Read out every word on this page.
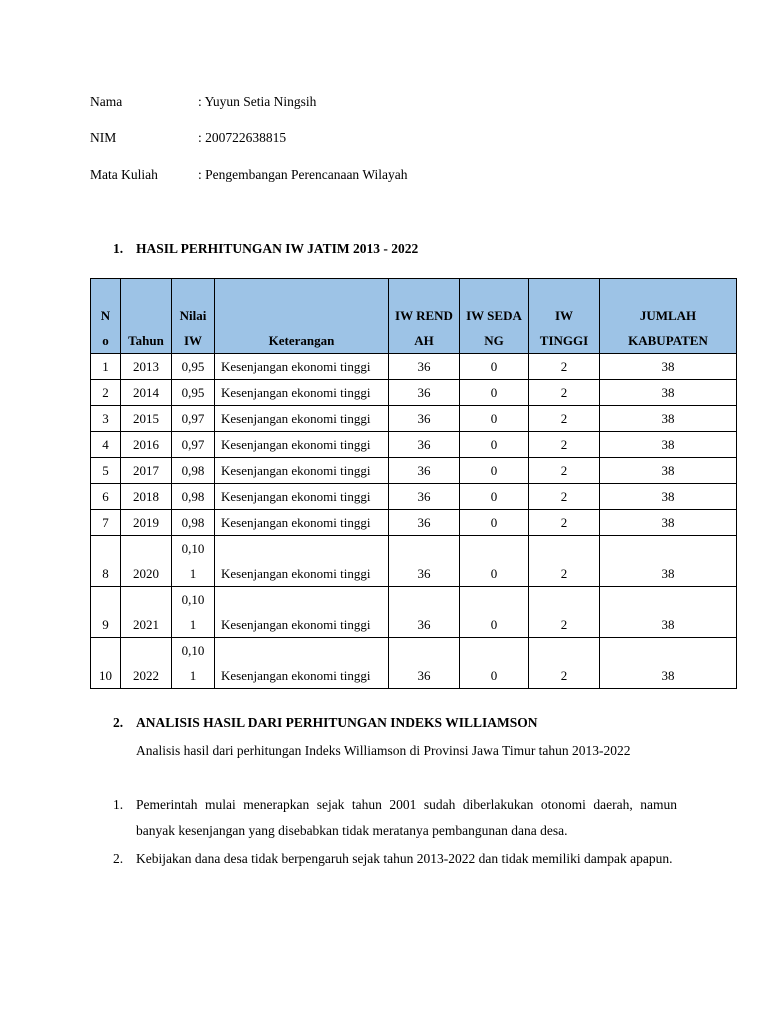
Nama	: Yuyun Setia Ningsih
NIM	: 200722638815
Mata Kuliah	: Pengembangan Perencanaan Wilayah
1. HASIL PERHITUNGAN IW JATIM 2013 - 2022
No	Tahun	Nilai IW	Keterangan	IW RENDAH	IW SEDANG	IW TINGGI	JUMLAH KABUPATEN

1	2013	0,95	Kesenjangan ekonomi tinggi	36	0	2	38
2	2014	0,95	Kesenjangan ekonomi tinggi	36	0	2	38
3	2015	0,97	Kesenjangan ekonomi tinggi	36	0	2	38
4	2016	0,97	Kesenjangan ekonomi tinggi	36	0	2	38
5	2017	0,98	Kesenjangan ekonomi tinggi	36	0	2	38
6	2018	0,98	Kesenjangan ekonomi tinggi	36	0	2	38
7	2019	0,98	Kesenjangan ekonomi tinggi	36	0	2	38
8	2020	0,101	Kesenjangan ekonomi tinggi	36	0	2	38
9	2021	0,101	Kesenjangan ekonomi tinggi	36	0	2	38
10	2022	0,101	Kesenjangan ekonomi tinggi	36	0	2	38
2. ANALISIS HASIL DARI PERHITUNGAN INDEKS WILLIAMSON
Analisis hasil dari perhitungan Indeks Williamson di Provinsi Jawa Timur tahun 2013-2022
1. Pemerintah mulai menerapkan sejak tahun 2001 sudah diberlakukan otonomi daerah, namun banyak kesenjangan yang disebabkan tidak meratanya pembangunan dana desa.
2. Kebijakan dana desa tidak berpengaruh sejak tahun 2013-2022 dan tidak memiliki dampak apapun.
